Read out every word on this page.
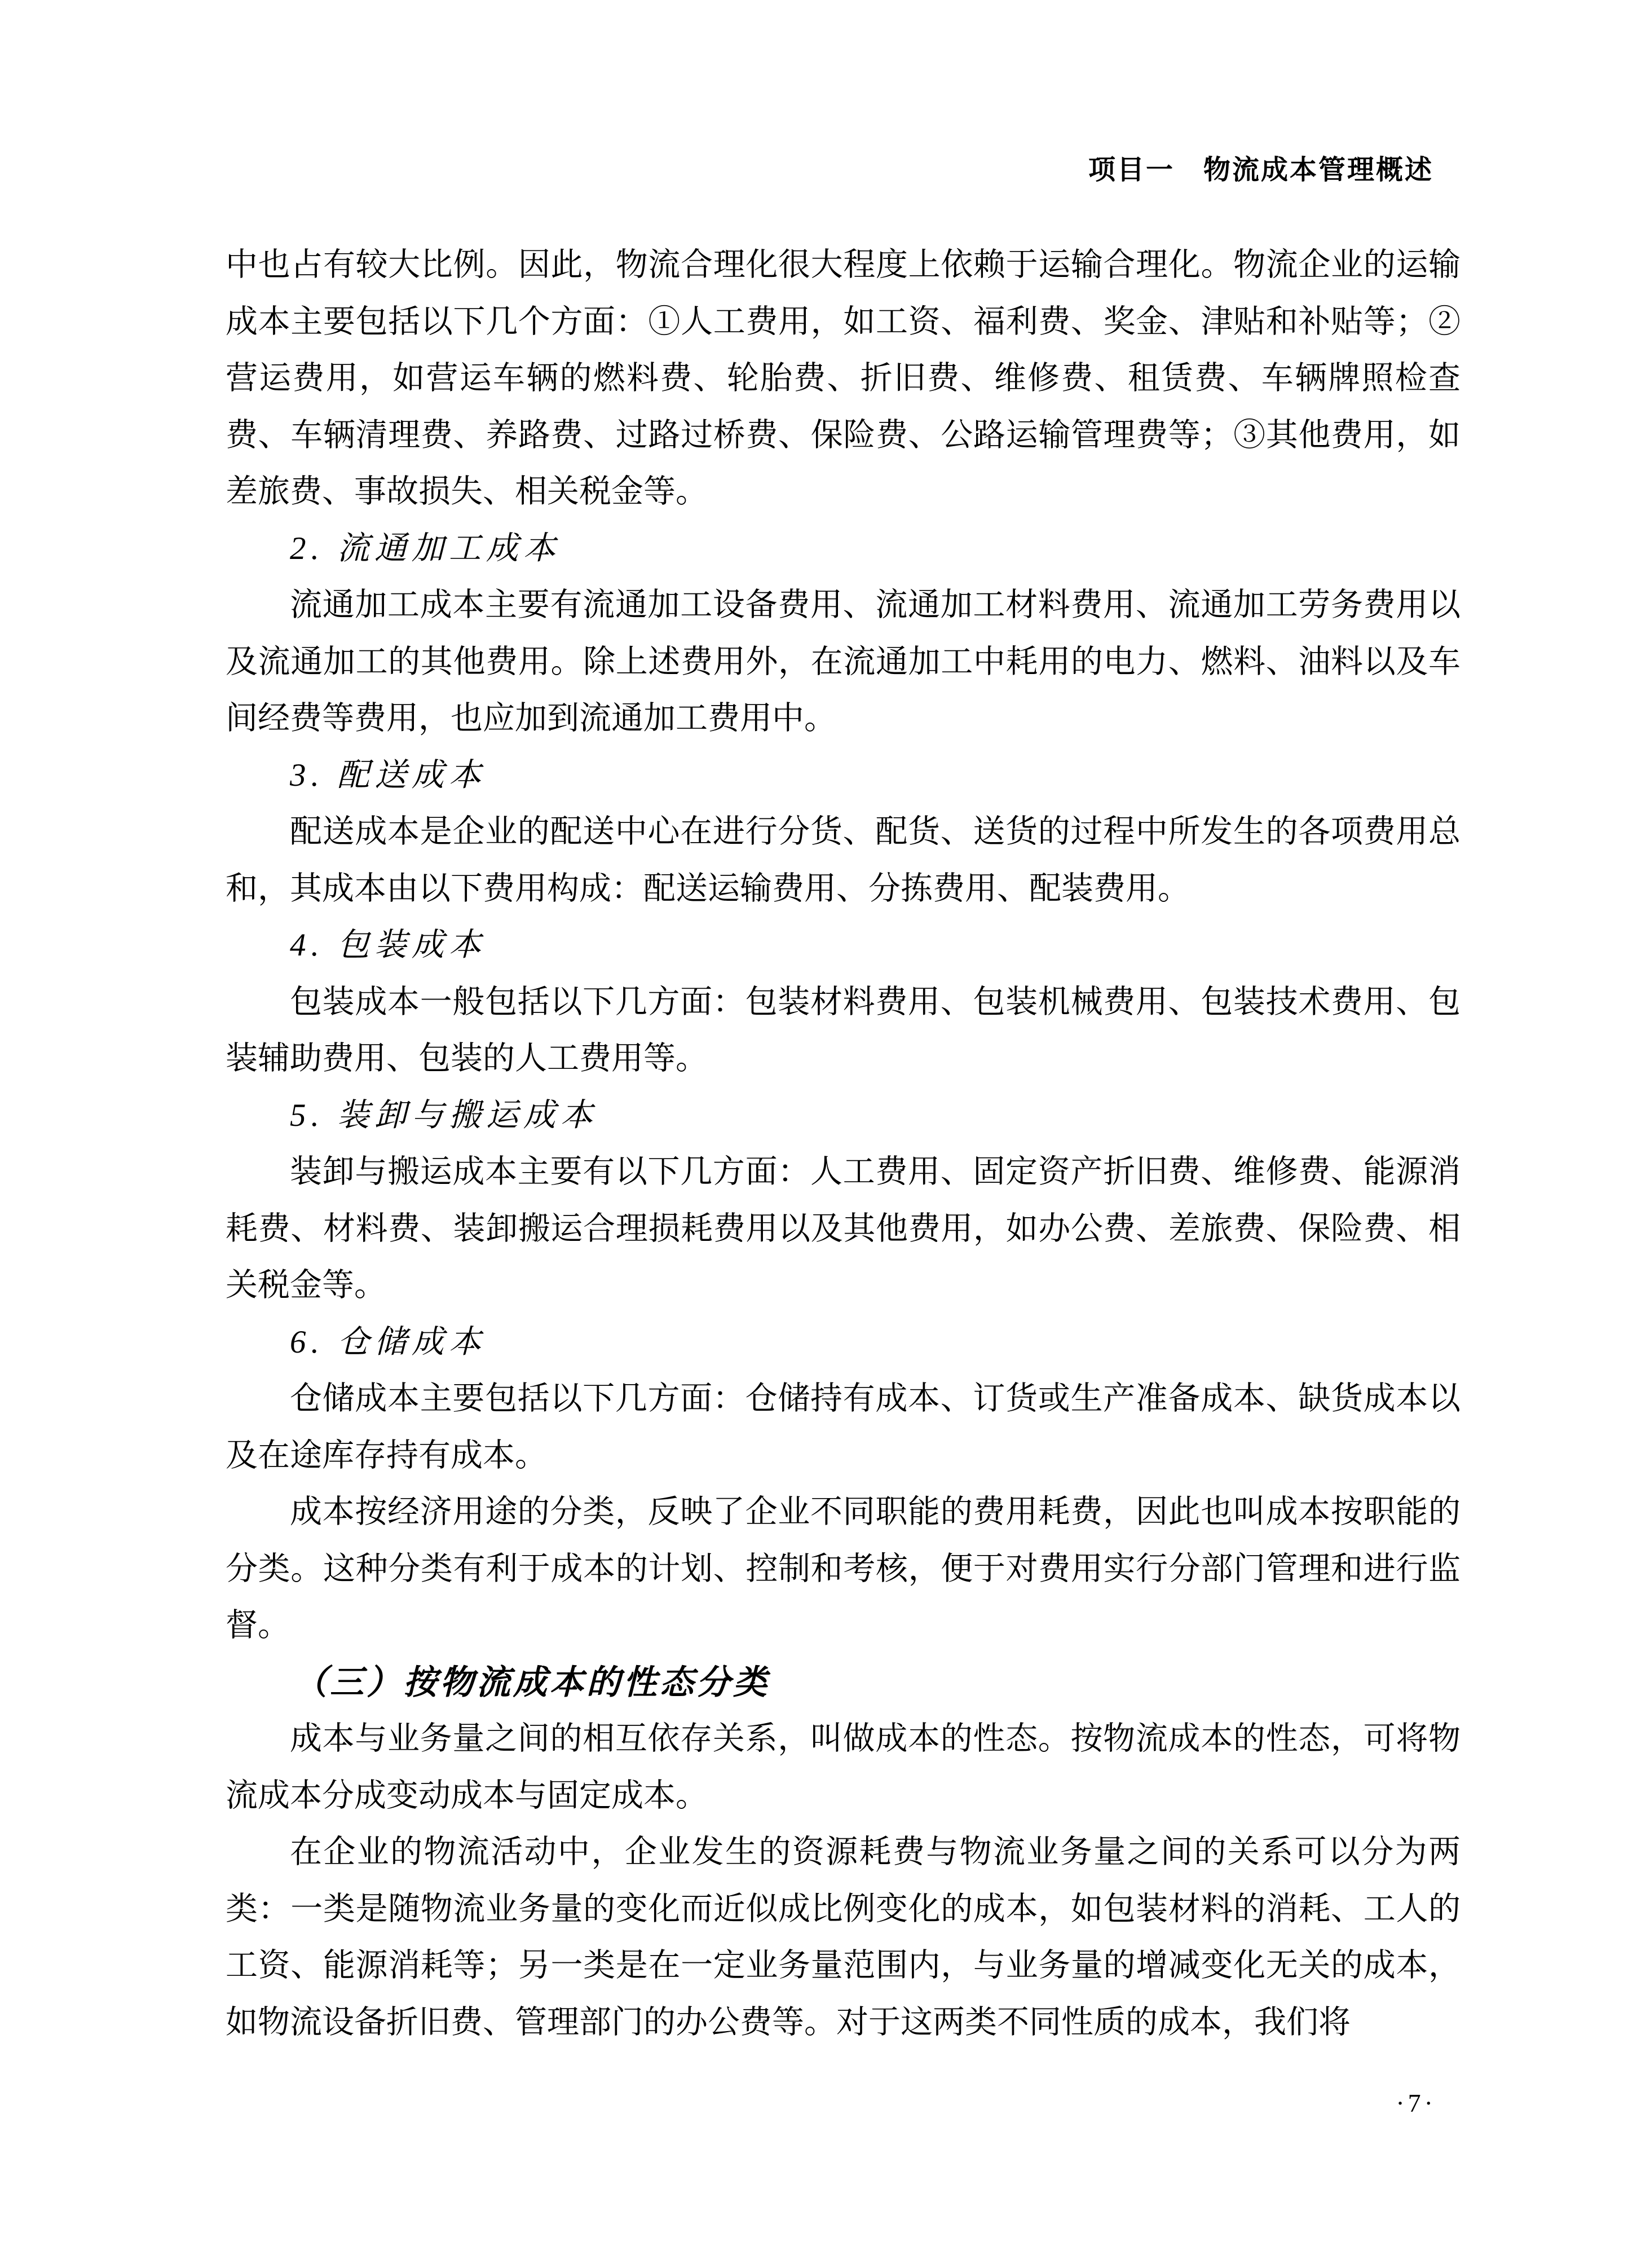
项目一　物流成本管理概述

中也占有较大比例。因此，物流合理化很大程度上依赖于运输合理化。物流企业的运输成本主要包括以下几个方面：①人工费用，如工资、福利费、奖金、津贴和补贴等；②营运费用，如营运车辆的燃料费、轮胎费、折旧费、维修费、租赁费、车辆牌照检查费、车辆清理费、养路费、过路过桥费、保险费、公路运输管理费等；③其他费用，如差旅费、事故损失、相关税金等。

2. 流通加工成本

流通加工成本主要有流通加工设备费用、流通加工材料费用、流通加工劳务费用以及流通加工的其他费用。除上述费用外，在流通加工中耗用的电力、燃料、油料以及车间经费等费用，也应加到流通加工费用中。

3. 配送成本

配送成本是企业的配送中心在进行分货、配货、送货的过程中所发生的各项费用总和，其成本由以下费用构成：配送运输费用、分拣费用、配装费用。

4. 包装成本

包装成本一般包括以下几方面：包装材料费用、包装机械费用、包装技术费用、包装辅助费用、包装的人工费用等。

5. 装卸与搬运成本

装卸与搬运成本主要有以下几方面：人工费用、固定资产折旧费、维修费、能源消耗费、材料费、装卸搬运合理损耗费用以及其他费用，如办公费、差旅费、保险费、相关税金等。

6. 仓储成本

仓储成本主要包括以下几方面：仓储持有成本、订货或生产准备成本、缺货成本以及在途库存持有成本。

成本按经济用途的分类，反映了企业不同职能的费用耗费，因此也叫成本按职能的分类。这种分类有利于成本的计划、控制和考核，便于对费用实行分部门管理和进行监督。

（三）按物流成本的性态分类

成本与业务量之间的相互依存关系，叫做成本的性态。按物流成本的性态，可将物流成本分成变动成本与固定成本。

在企业的物流活动中，企业发生的资源耗费与物流业务量之间的关系可以分为两类：一类是随物流业务量的变化而近似成比例变化的成本，如包装材料的消耗、工人的工资、能源消耗等；另一类是在一定业务量范围内，与业务量的增减变化无关的成本，如物流设备折旧费、管理部门的办公费等。对于这两类不同性质的成本，我们将

·7·
